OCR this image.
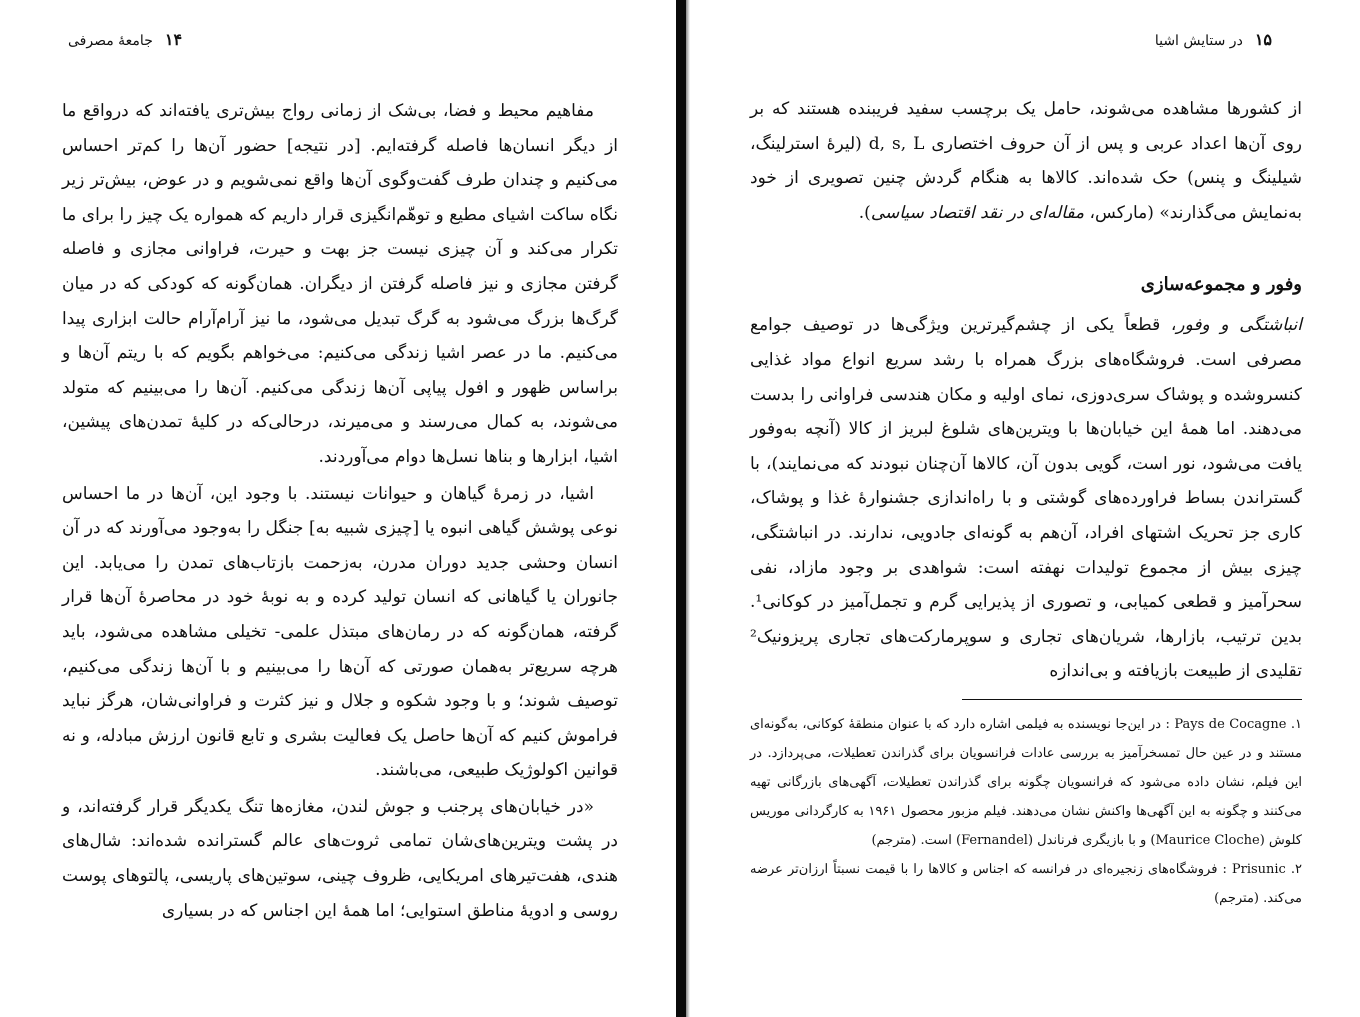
۱۴
جامعهٔ مصرفی

مفاهیم محیط و فضا، بی‌شک از زمانی رواج بیش‌تری یافته‌اند که درواقع ما از دیگر انسان‌ها فاصله گرفته‌ایم. [در نتیجه] حضور آن‌ها را کم‌تر احساس می‌کنیم و چندان طرف گفت‌وگوی آن‌ها واقع نمی‌شویم و در عوض، بیش‌تر زیر نگاه ساکت اشیای مطیع و توهّم‌انگیزی قرار داریم که همواره یک چیز را برای ما تکرار می‌کند و آن چیزی نیست جز بهت و حیرت، فراوانی مجازی و فاصله گرفتن مجازی و نیز فاصله گرفتن از دیگران. همان‌گونه که کودکی که در میان گرگ‌ها بزرگ می‌شود به گرگ تبدیل می‌شود، ما نیز آرام‌آرام حالت ابزاری پیدا می‌کنیم. ما در عصر اشیا زندگی می‌کنیم: می‌خواهم بگویم که با ریتم آن‌ها و براساس ظهور و افول پیاپی آن‌ها زندگی می‌کنیم. آن‌ها را می‌بینیم که متولد می‌شوند، به کمال می‌رسند و می‌میرند، درحالی‌که در کلیهٔ تمدن‌های پیشین، اشیا، ابزارها و بناها نسل‌ها دوام می‌آوردند.

اشیا، در زمرهٔ گیاهان و حیوانات نیستند. با وجود این، آن‌ها در ما احساس نوعی پوشش گیاهی انبوه یا [چیزی شبیه به] جنگل را به‌وجود می‌آورند که در آن انسان وحشی جدید دوران مدرن، به‌زحمت بازتاب‌های تمدن را می‌یابد. این جانوران یا گیاهانی که انسان تولید کرده و به نوبهٔ خود در محاصرهٔ آن‌ها قرار گرفته، همان‌گونه که در رمان‌های مبتذل علمی- تخیلی مشاهده می‌شود، باید هرچه سریع‌تر به‌همان صورتی که آن‌ها را می‌بینیم و با آن‌ها زندگی می‌کنیم، توصیف شوند؛ و با وجود شکوه و جلال و نیز کثرت و فراوانی‌شان، هرگز نباید فراموش کنیم که آن‌ها حاصل یک فعالیت بشری و تابع قانون ارزش مبادله، و نه قوانین اکولوژیک طبیعی، می‌باشند.

«در خیابان‌های پرجنب و جوش لندن، مغازه‌ها تنگ یکدیگر قرار گرفته‌اند، و در پشت ویترین‌های‌شان تمامی ثروت‌های عالم گسترانده شده‌اند: شال‌های هندی، هفت‌تیرهای امریکایی، ظروف چینی، سوتین‌های پاریسی، پالتوهای پوست روسی و ادویهٔ مناطق استوایی؛ اما همهٔ این اجناس که در بسیاری

۱۵
در ستایش اشیا

از کشورها مشاهده می‌شوند، حامل یک برچسب سفید فریبنده هستند که بر روی آن‌ها اعداد عربی و پس از آن حروف اختصاری d, s, L (لیرهٔ استرلینگ، شیلینگ و پنس) حک شده‌اند. کالاها به هنگام گردش چنین تصویری از خود به‌نمایش می‌گذارند» (مارکس، مقاله‌ای در نقد اقتصاد سیاسی).

وفور و مجموعه‌سازی

انباشتگی و وفور، قطعاً یکی از چشم‌گیرترین ویژگی‌ها در توصیف جوامع مصرفی است. فروشگاه‌های بزرگ همراه با رشد سریع انواع مواد غذایی کنسروشده و پوشاک سری‌دوزی، نمای اولیه و مکان هندسی فراوانی را بدست می‌دهند. اما همهٔ این خیابان‌ها با ویترین‌های شلوغ لبریز از کالا (آنچه به‌وفور یافت می‌شود، نور است، گویی بدون آن، کالاها آن‌چنان نبودند که می‌نمایند)، با گستراندن بساط فراورده‌های گوشتی و با راه‌اندازی جشنوارهٔ غذا و پوشاک، کاری جز تحریک اشتهای افراد، آن‌هم به گونه‌ای جادویی، ندارند. در انباشتگی، چیزی بیش از مجموع تولیدات نهفته است: شواهدی بر وجود مازاد، نفی سحرآمیز و قطعی کمیابی، و تصوری از پذیرایی گرم و تجمل‌آمیز در کوکانی¹. بدین ترتیب، بازارها، شریان‌های تجاری و سوپرمارکت‌های تجاری پریزونیک² تقلیدی از طبیعت بازیافته و بی‌اندازه

۱. Pays de Cocagne : در این‌جا نویسنده به فیلمی اشاره دارد که با عنوان منطقهٔ کوکانی، به‌گونه‌ای مستند و در عین حال تمسخرآمیز به بررسی عادات فرانسویان برای گذراندن تعطیلات، می‌پردازد. در این فیلم، نشان داده می‌شود که فرانسویان چگونه برای گذراندن تعطیلات، آگهی‌های بازرگانی تهیه می‌کنند و چگونه به این آگهی‌ها واکنش نشان می‌دهند. فیلم مزبور محصول ۱۹۶۱ به کارگردانی موریس کلوش (Maurice Cloche) و با بازیگری فرناندل (Fernandel) است. (مترجم)

۲. Prisunic : فروشگاه‌های زنجیره‌ای در فرانسه که اجناس و کالاها را با قیمت نسبتاً ارزان‌تر عرضه می‌کند. (مترجم)
